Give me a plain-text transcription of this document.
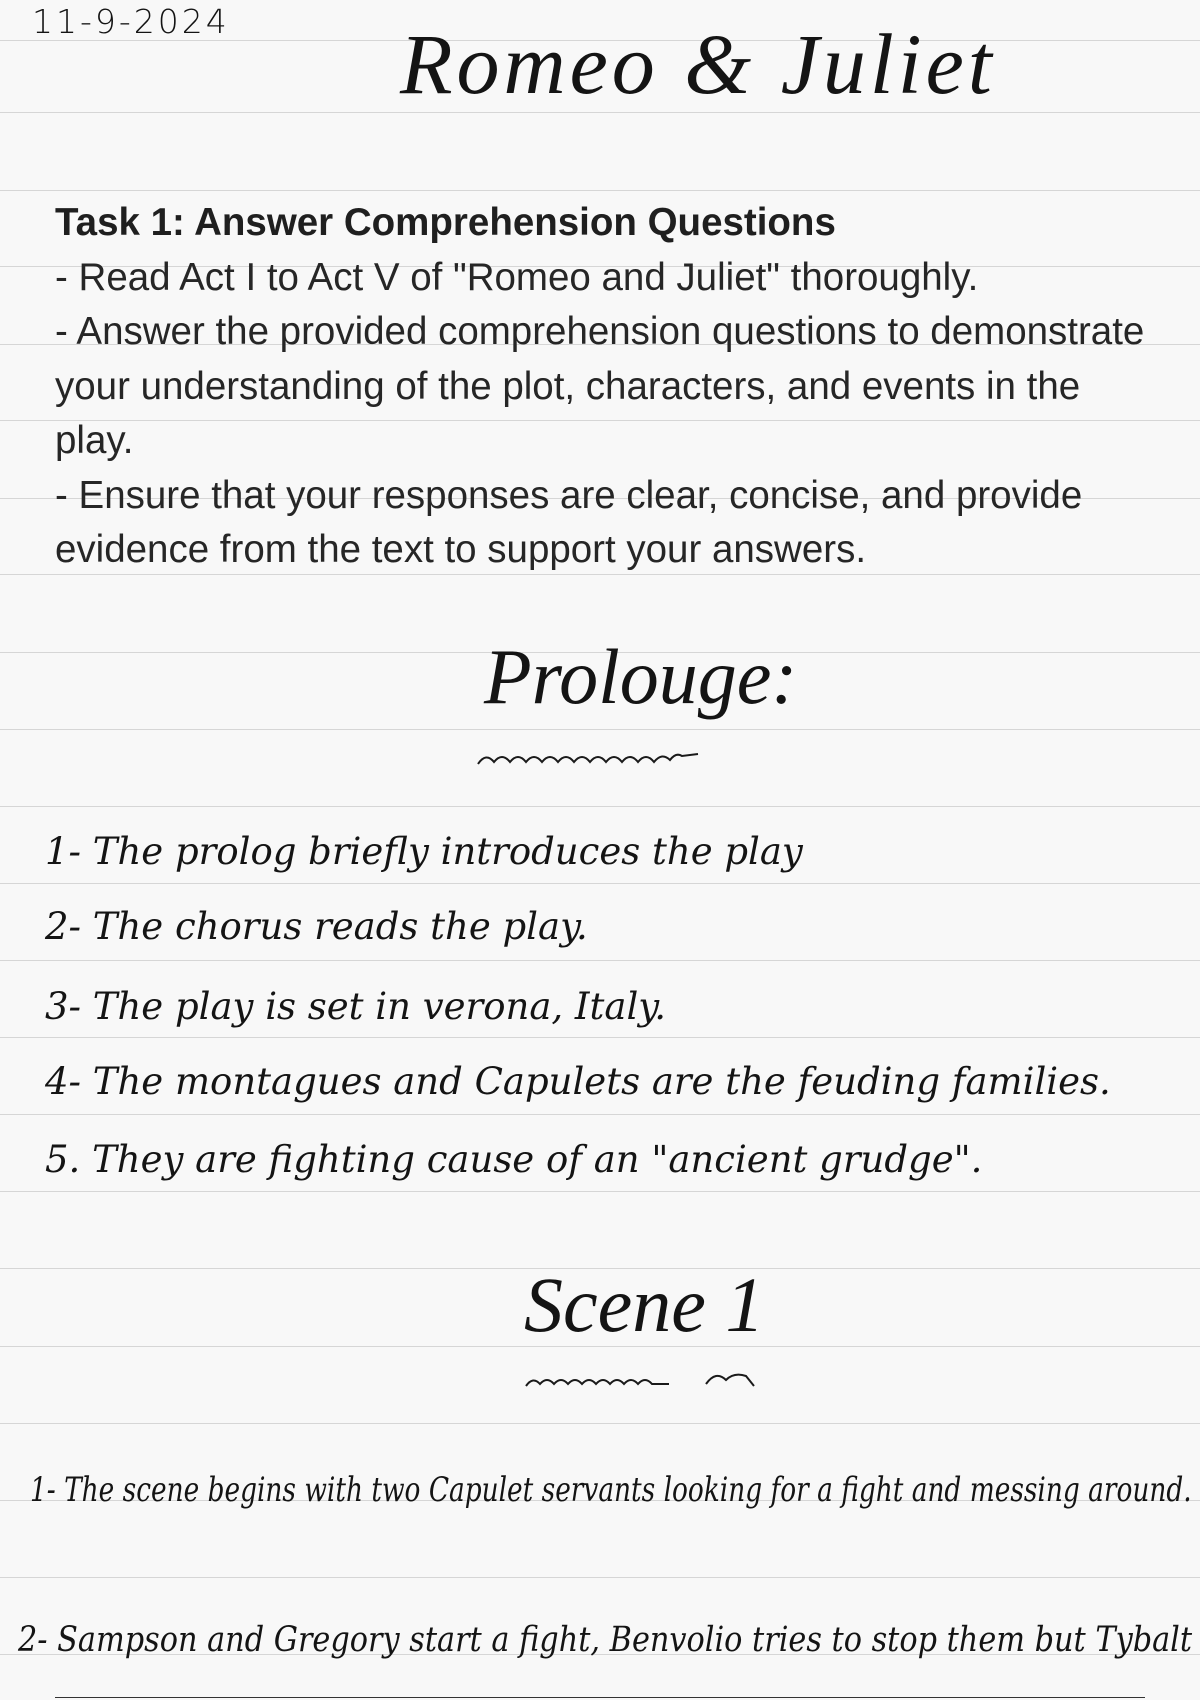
11-9-2024 Romeo & Juliet
Task 1: Answer Comprehension Questions

- Read Act I to Act V of "Romeo and Juliet" thoroughly.

- Answer the provided comprehension questions to demonstrate your understanding of the plot, characters, and events in the play.

- Ensure that your responses are clear, concise, and provide evidence from the text to support your answers.

Prolouge:
1- The prolog briefly introduces the play
2- The chorus reads the play.
3- The play is set in verona, Italy.
4- The montagues and Capulets are the feuding families.
5. They are fighting cause of an "ancient grudge".
Scene 1
1- The scene begins with two Capulet servants looking for a fight and messing around.
2- Sampson and Gregory start a fight, Benvolio tries to stop them but Tybalt
